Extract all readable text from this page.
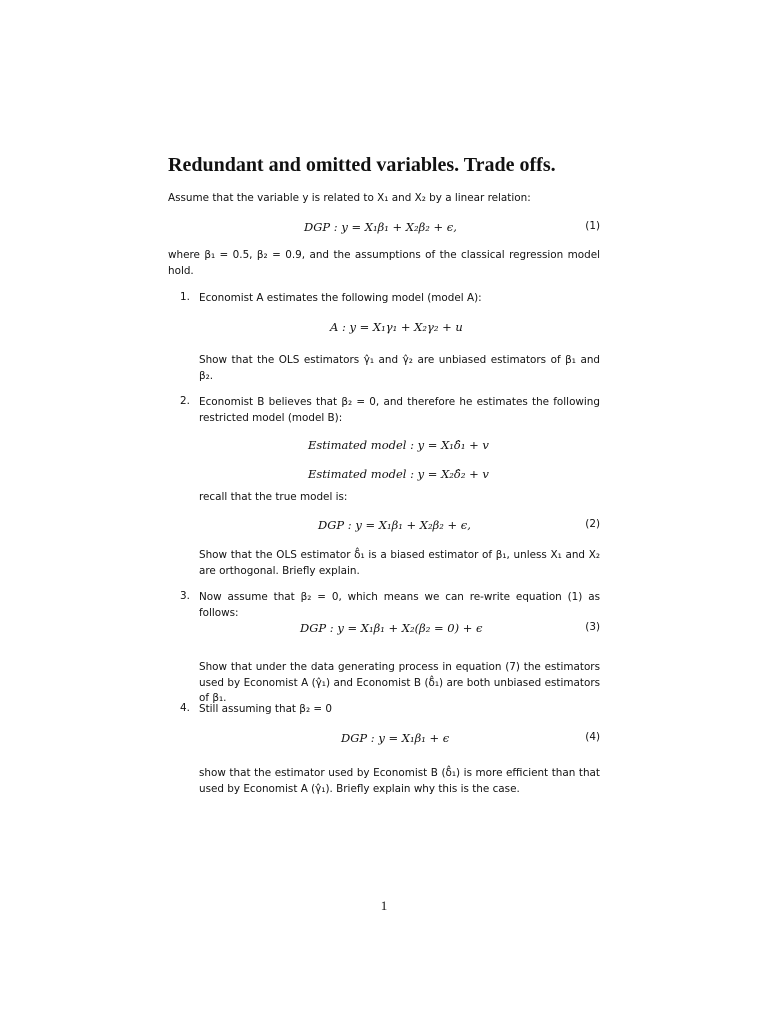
Redundant and omitted variables. Trade offs.

Assume that the variable y is related to X₁ and X₂ by a linear relation:

DGP : y = X₁β₁ + X₂β₂ + ϵ,	(1)

where β₁ = 0.5, β₂ = 0.9, and the assumptions of the classical regression model hold.

1. Economist A estimates the following model (model A):

A : y = X₁γ₁ + X₂γ₂ + u

Show that the OLS estimators γ̂₁ and γ̂₂ are unbiased estimators of β₁ and β₂.

2. Economist B believes that β₂ = 0, and therefore he estimates the following restricted model (model B):

Estimated model : y = X₁δ̂₁ + v

Estimated model : y = X₂δ̂₂ + v

recall that the true model is:

DGP : y = X₁β₁ + X₂β₂ + ϵ,	(2)

Show that the OLS estimator δ̂₁ is a biased estimator of β₁, unless X₁ and X₂ are orthogonal. Briefly explain.

3. Now assume that β₂ = 0, which means we can re-write equation (1) as follows:

DGP : y = X₁β₁ + X₂(β₂ = 0) + ϵ	(3)

Show that under the data generating process in equation (7) the estimators used by Economist A (γ̂₁) and Economist B (δ̂₁) are both unbiased estimators of β₁.

4. Still assuming that β₂ = 0

DGP : y = X₁β₁ + ϵ	(4)

show that the estimator used by Economist B (δ̂₁) is more efficient than that used by Economist A (γ̂₁). Briefly explain why this is the case.

1
